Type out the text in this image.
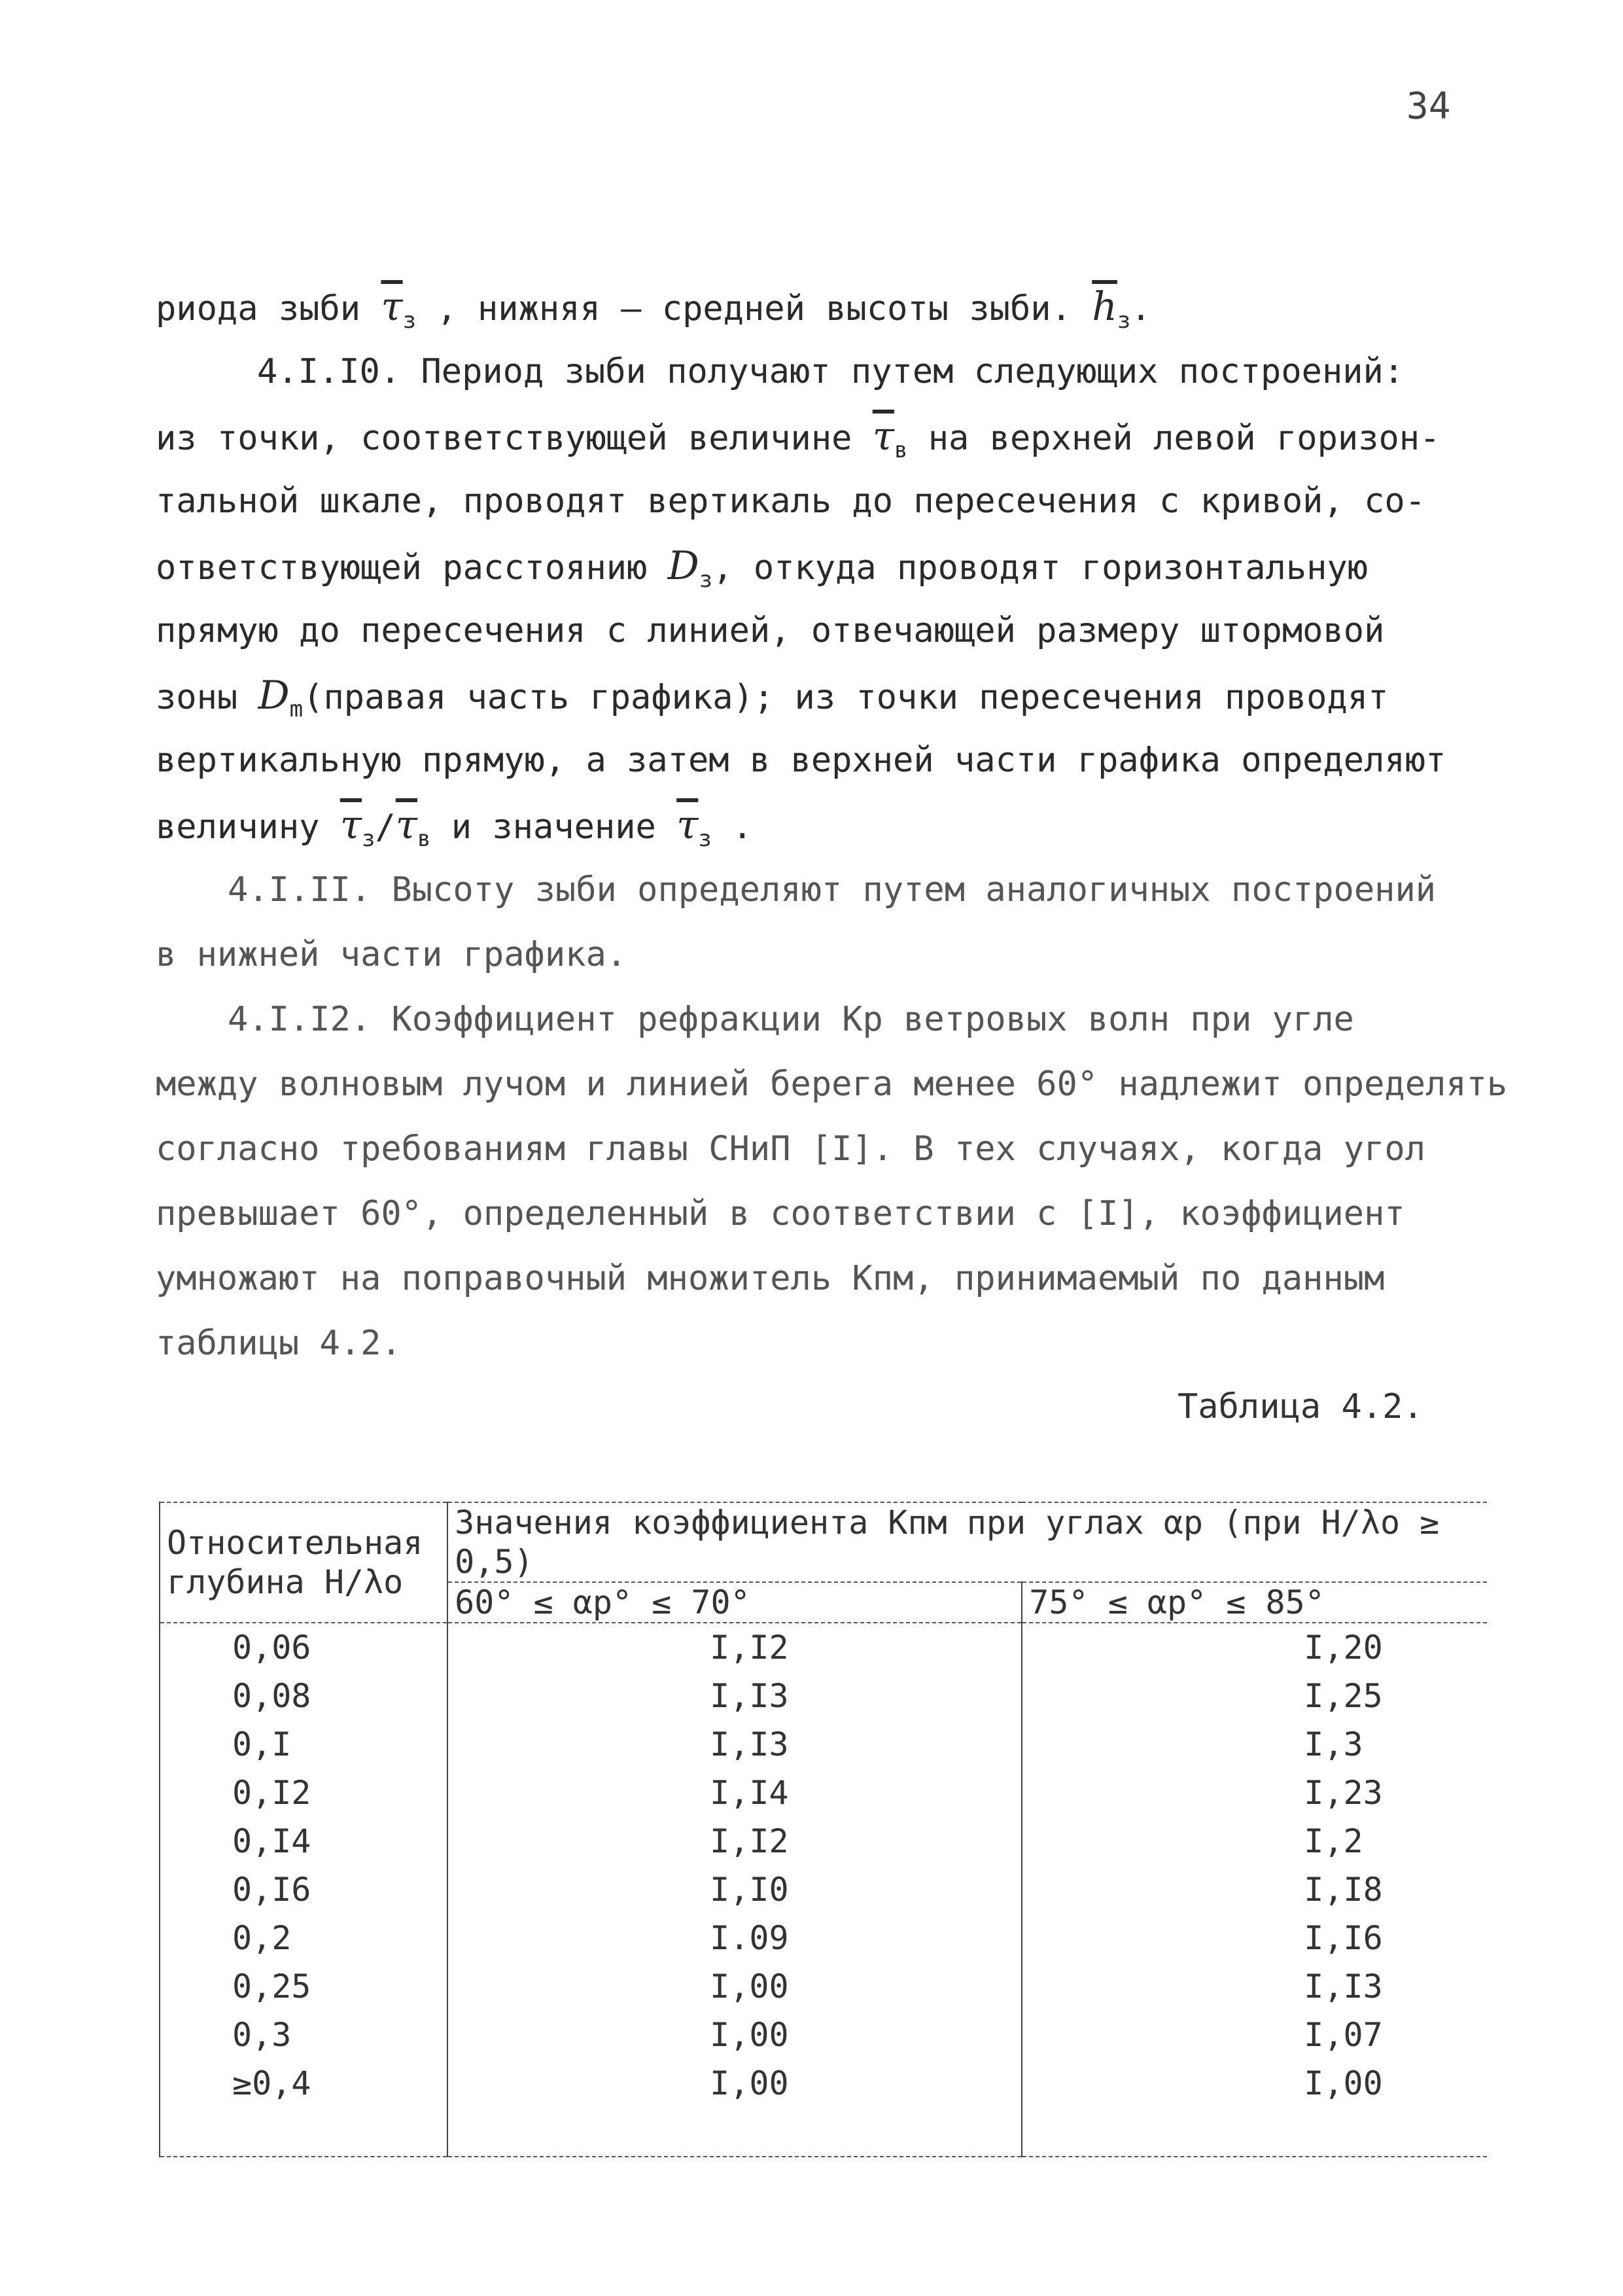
34
риода зыби $\overline{\tau}_з$ , нижняя – средней высоты зыби. $\overline{h}_з$.
4.I.I0. Период зыби получают путем следующих построений:
из точки, соответствующей величине $\overline{\tau}_в$ на верхней левой горизон-
тальной шкале, проводят вертикаль до пересечения с кривой, со-
ответствующей расстоянию $D_з$, откуда проводят горизонтальную
прямую до пересечения с линией, отвечающей размеру штормовой
зоны $D_m(правая$ часть графика); из точки пересечения проводят
вертикальную прямую, а затем в верхней части графика определяют
величину $\overline{\tau}_з/\overline{\tau}_в$ и значение $\overline{\tau}_з$ .
4.I.II. Высоту зыби определяют путем аналогичных построений
в нижней части графика.
4.I.I2. Коэффициент рефракции Kр ветровых волн при угле
между волновым лучом и линией берега менее 60° надлежит определять
согласно требованиям главы СНиП [I]. В тех случаях, когда угол
превышает 60°, определенный в соответствии с [I], коэффициент
умножают на поправочный множитель Kпм, принимаемый по данным
таблицы 4.2.
Таблица 4.2.
Относительная
глубина H/λо	Значения коэффициента Kпм при углах αр (при H/λо ≥ 0,5)	
	60° ≤ αр° ≤ 70°	75° ≤ αр° ≤ 85°
0,06	I,I2	I,20
0,08	I,I3	I,25
0,I	I,I3	I,3
0,I2	I,I4	I,23
0,I4	I,I2	I,2
0,I6	I,I0	I,I8
0,2	I.09	I,I6
0,25	I,00	I,I3
0,3	I,00	I,07
≥0,4	I,00	I,00
